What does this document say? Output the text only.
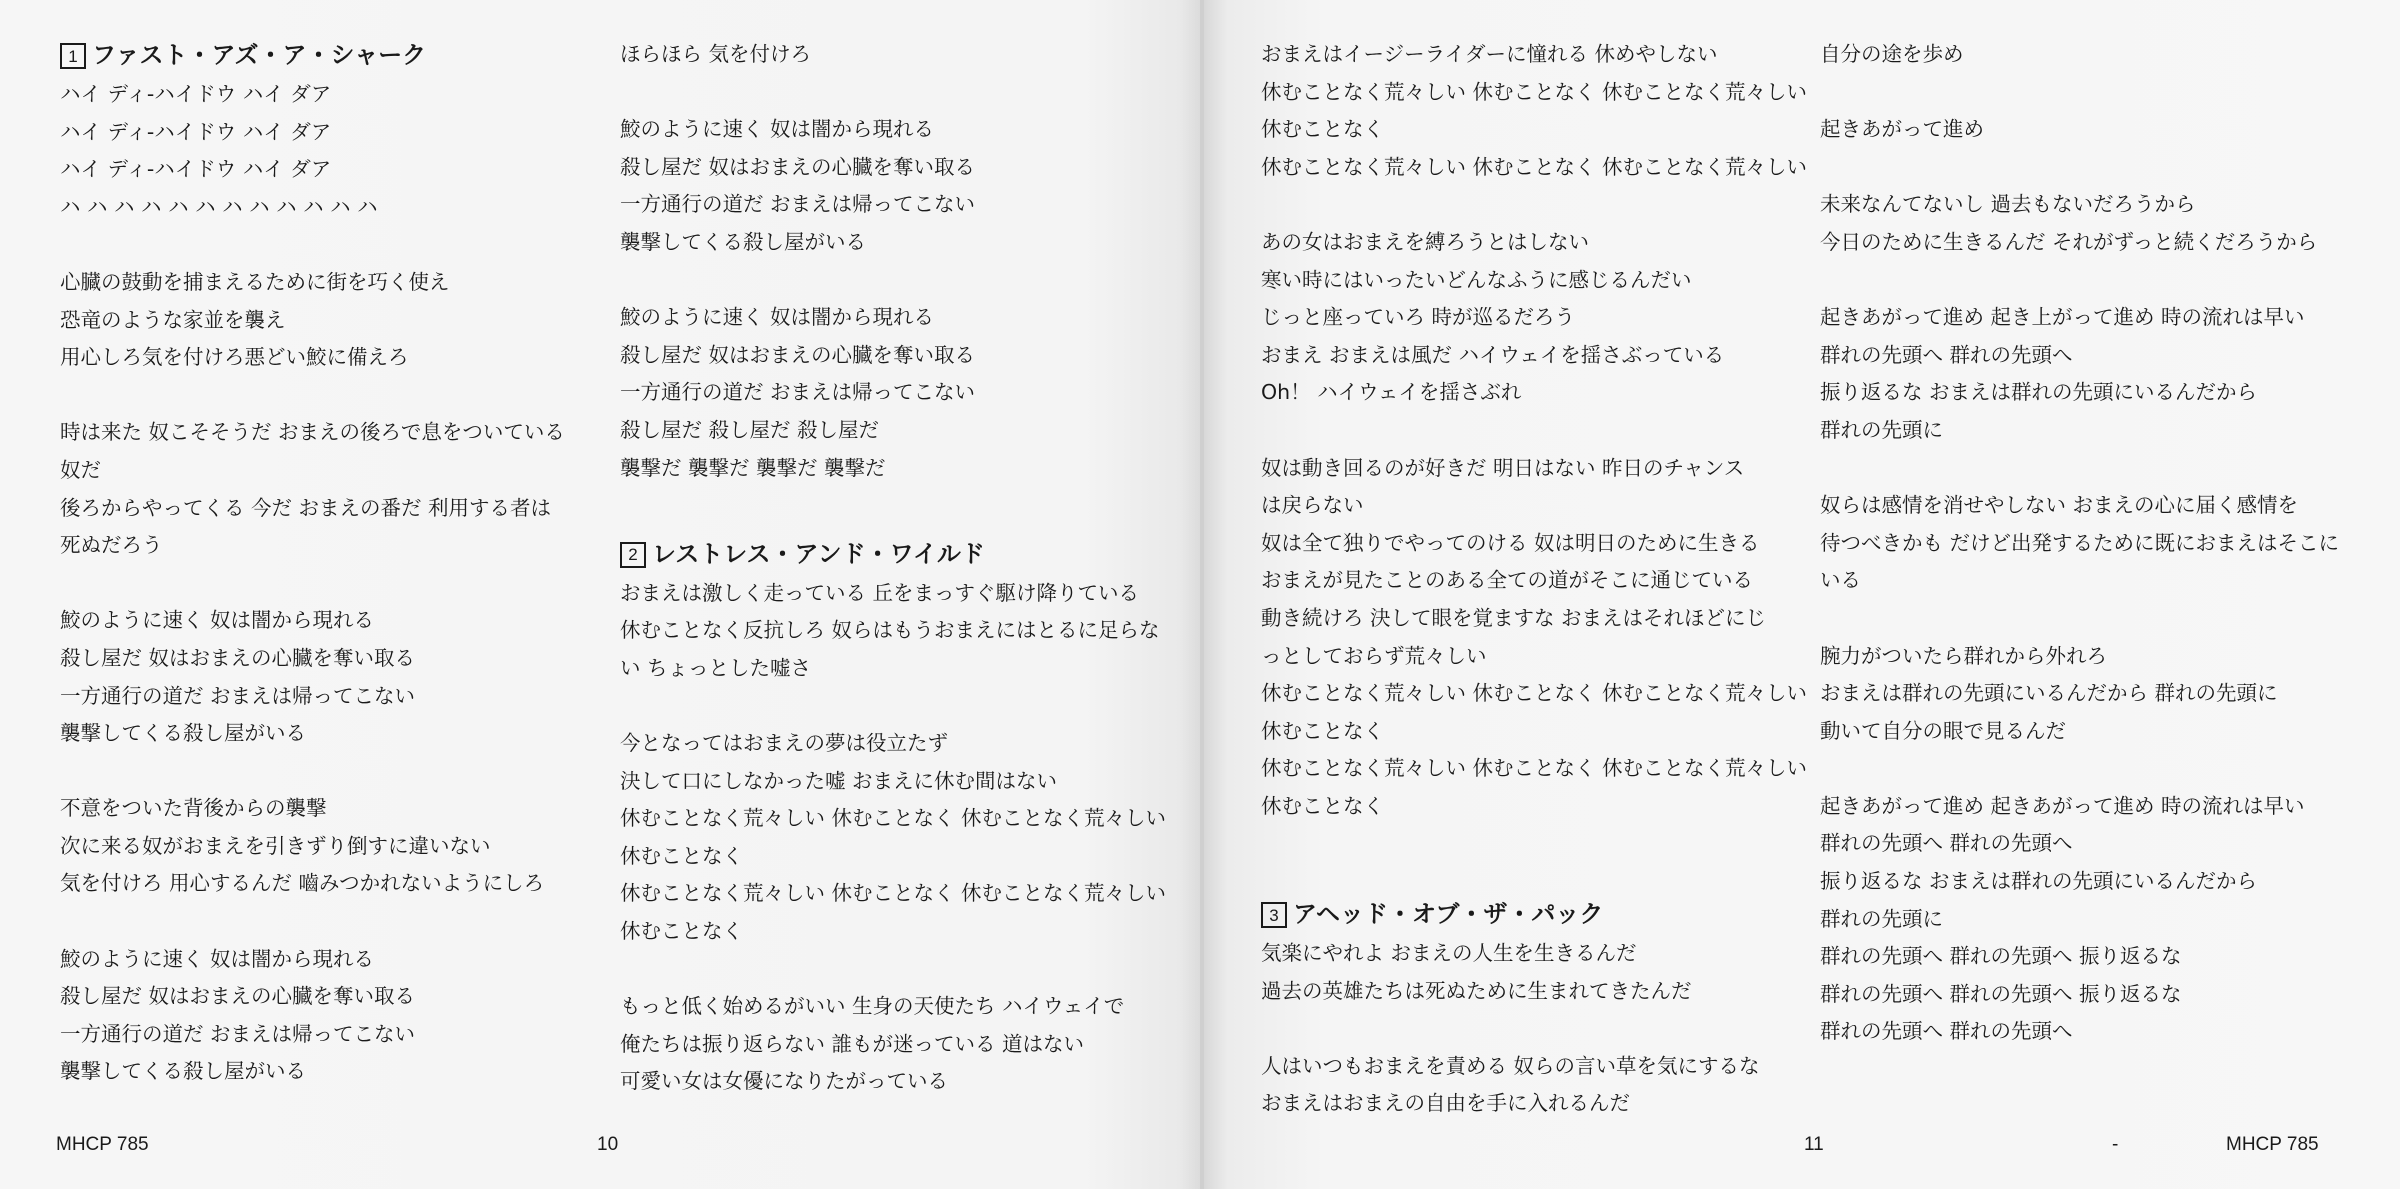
1 ファスト・アズ・ア・シャーク
ハイ ディ-ハイドウ ハイ ダア
ハイ ディ-ハイドウ ハイ ダア
ハイ ディ-ハイドウ ハイ ダア
ハ ハ ハ ハ ハ ハ ハ ハ ハ ハ ハ ハ
心臓の鼓動を捕まえるために街を巧く使え
恐竜のような家並を襲え
用心しろ気を付けろ悪どい鮫に備えろ
時は来た 奴こそそうだ おまえの後ろで息をついている
奴だ
後ろからやってくる 今だ おまえの番だ 利用する者は
死ぬだろう
鮫のように速く 奴は闇から現れる
殺し屋だ 奴はおまえの心臓を奪い取る
一方通行の道だ おまえは帰ってこない
襲撃してくる殺し屋がいる
不意をついた背後からの襲撃
次に来る奴がおまえを引きずり倒すに違いない
気を付けろ 用心するんだ 嚙みつかれないようにしろ
鮫のように速く 奴は闇から現れる
殺し屋だ 奴はおまえの心臓を奪い取る
一方通行の道だ おまえは帰ってこない
襲撃してくる殺し屋がいる
ほらほら 気を付けろ
鮫のように速く 奴は闇から現れる
殺し屋だ 奴はおまえの心臓を奪い取る
一方通行の道だ おまえは帰ってこない
襲撃してくる殺し屋がいる
鮫のように速く 奴は闇から現れる
殺し屋だ 奴はおまえの心臓を奪い取る
一方通行の道だ おまえは帰ってこない
殺し屋だ 殺し屋だ 殺し屋だ
襲撃だ 襲撃だ 襲撃だ 襲撃だ
2 レストレス・アンド・ワイルド
おまえは激しく走っている 丘をまっすぐ駆け降りている
休むことなく反抗しろ 奴らはもうおまえにはとるに足らな
い ちょっとした嘘さ
今となってはおまえの夢は役立たず
決して口にしなかった嘘 おまえに休む間はない
休むことなく荒々しい 休むことなく 休むことなく荒々しい
休むことなく
休むことなく荒々しい 休むことなく 休むことなく荒々しい
休むことなく
もっと低く始めるがいい 生身の天使たち ハイウェイで
俺たちは振り返らない 誰もが迷っている 道はない
可愛い女は女優になりたがっている
MHCP 785	10
おまえはイージーライダーに憧れる 休めやしない
休むことなく荒々しい 休むことなく 休むことなく荒々しい
休むことなく
休むことなく荒々しい 休むことなく 休むことなく荒々しい
あの女はおまえを縛ろうとはしない
寒い時にはいったいどんなふうに感じるんだい
じっと座っていろ 時が巡るだろう
おまえ おまえは風だ ハイウェイを揺さぶっている
Oh！ ハイウェイを揺さぶれ
奴は動き回るのが好きだ 明日はない 昨日のチャンス
は戻らない
奴は全て独りでやってのける 奴は明日のために生きる
おまえが見たことのある全ての道がそこに通じている
動き続けろ 決して眼を覚ますな おまえはそれほどにじ
っとしておらず荒々しい
休むことなく荒々しい 休むことなく 休むことなく荒々しい
休むことなく
休むことなく荒々しい 休むことなく 休むことなく荒々しい
休むことなく
3 アヘッド・オブ・ザ・パック
気楽にやれよ おまえの人生を生きるんだ
過去の英雄たちは死ぬために生まれてきたんだ
人はいつもおまえを責める 奴らの言い草を気にするな
おまえはおまえの自由を手に入れるんだ
自分の途を歩め
起きあがって進め
未来なんてないし 過去もないだろうから
今日のために生きるんだ それがずっと続くだろうから
起きあがって進め 起き上がって進め 時の流れは早い
群れの先頭へ 群れの先頭へ
振り返るな おまえは群れの先頭にいるんだから
群れの先頭に
奴らは感情を消せやしない おまえの心に届く感情を
待つべきかも だけど出発するために既におまえはそこに
いる
腕力がついたら群れから外れろ
おまえは群れの先頭にいるんだから 群れの先頭に
動いて自分の眼で見るんだ
起きあがって進め 起きあがって進め 時の流れは早い
群れの先頭へ 群れの先頭へ
振り返るな おまえは群れの先頭にいるんだから
群れの先頭に
群れの先頭へ 群れの先頭へ 振り返るな
群れの先頭へ 群れの先頭へ 振り返るな
群れの先頭へ 群れの先頭へ
11	-	MHCP 785
